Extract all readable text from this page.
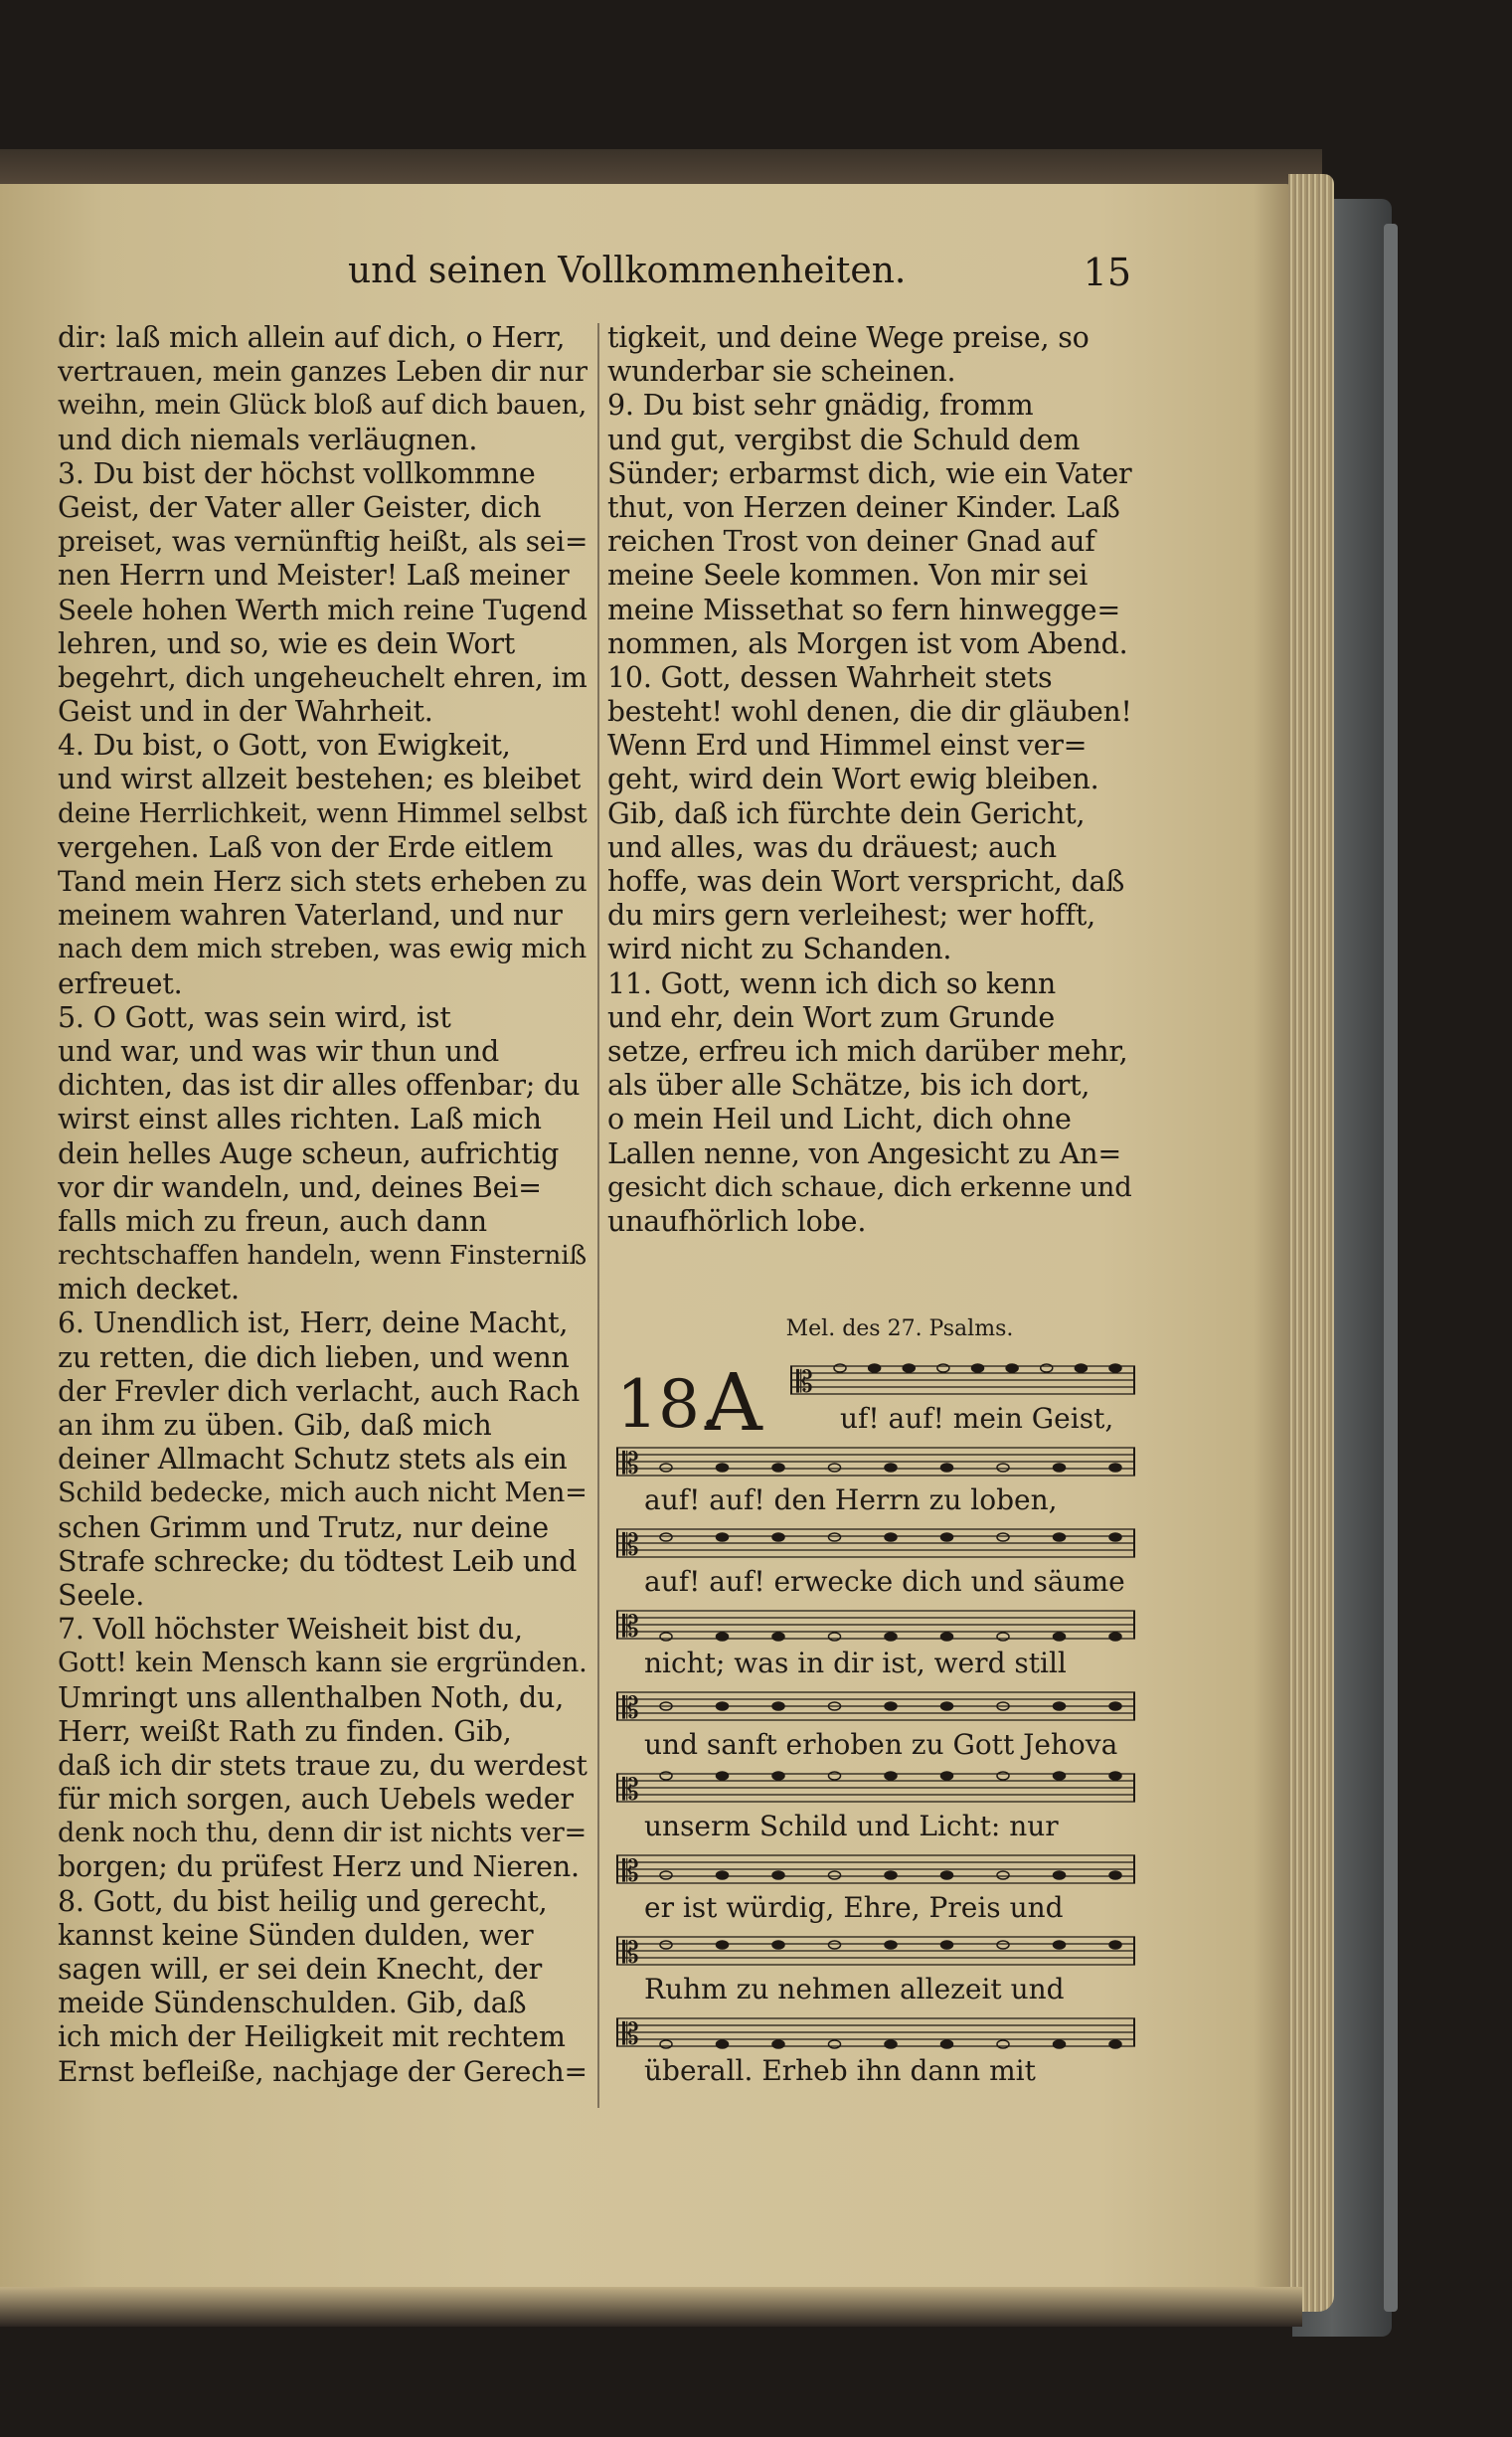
und seinen Vollkommenheiten.	15
dir: laß mich allein auf dich, o Herr,
vertrauen, mein ganzes Leben dir nur
weihn, mein Glück bloß auf dich bauen,
und dich niemals verläugnen.
3. Du bist der höchst vollkommne
Geist, der Vater aller Geister, dich
preiset, was vernünftig heißt, als sei=
nen Herrn und Meister! Laß meiner
Seele hohen Werth mich reine Tugend
lehren, und so, wie es dein Wort
begehrt, dich ungeheuchelt ehren, im
Geist und in der Wahrheit.
4. Du bist, o Gott, von Ewigkeit,
und wirst allzeit bestehen; es bleibet
deine Herrlichkeit, wenn Himmel selbst
vergehen. Laß von der Erde eitlem
Tand mein Herz sich stets erheben zu
meinem wahren Vaterland, und nur
nach dem mich streben, was ewig mich
erfreuet.
5. O Gott, was sein wird, ist
und war, und was wir thun und
dichten, das ist dir alles offenbar; du
wirst einst alles richten. Laß mich
dein helles Auge scheun, aufrichtig
vor dir wandeln, und, deines Bei=
falls mich zu freun, auch dann
rechtschaffen handeln, wenn Finsterniß
mich decket.
6. Unendlich ist, Herr, deine Macht,
zu retten, die dich lieben, und wenn
der Frevler dich verlacht, auch Rach
an ihm zu üben. Gib, daß mich
deiner Allmacht Schutz stets als ein
Schild bedecke, mich auch nicht Men=
schen Grimm und Trutz, nur deine
Strafe schrecke; du tödtest Leib und
Seele.
7. Voll höchster Weisheit bist du,
Gott! kein Mensch kann sie ergründen.
Umringt uns allenthalben Noth, du,
Herr, weißt Rath zu finden. Gib,
daß ich dir stets traue zu, du werdest
für mich sorgen, auch Uebels weder
denk noch thu, denn dir ist nichts ver=
borgen; du prüfest Herz und Nieren.
8. Gott, du bist heilig und gerecht,
kannst keine Sünden dulden, wer
sagen will, er sei dein Knecht, der
meide Sündenschulden. Gib, daß
ich mich der Heiligkeit mit rechtem
Ernst befleiße, nachjage der Gerech=
tigkeit, und deine Wege preise, so
wunderbar sie scheinen.
9. Du bist sehr gnädig, fromm
und gut, vergibst die Schuld dem
Sünder; erbarmst dich, wie ein Vater
thut, von Herzen deiner Kinder. Laß
reichen Trost von deiner Gnad auf
meine Seele kommen. Von mir sei
meine Missethat so fern hinwegge=
nommen, als Morgen ist vom Abend.
10. Gott, dessen Wahrheit stets
besteht! wohl denen, die dir gläuben!
Wenn Erd und Himmel einst ver=
geht, wird dein Wort ewig bleiben.
Gib, daß ich fürchte dein Gericht,
und alles, was du dräuest; auch
hoffe, was dein Wort verspricht, daß
du mirs gern verleihest; wer hofft,
wird nicht zu Schanden.
11. Gott, wenn ich dich so kenn
und ehr, dein Wort zum Grunde
setze, erfreu ich mich darüber mehr,
als über alle Schätze, bis ich dort,
o mein Heil und Licht, dich ohne
Lallen nenne, von Angesicht zu An=
gesicht dich schaue, dich erkenne und
unaufhörlich lobe.
Mel. des 27. Psalms.
18.
A	𝄡
uf! auf! mein Geist,
𝄡
auf! auf! den Herrn zu loben,
𝄡
auf! auf! erwecke dich und säume
𝄡
nicht; was in dir ist, werd still
𝄡
und sanft erhoben zu Gott Jehova
𝄡
unserm Schild und Licht: nur
𝄡
er ist würdig, Ehre, Preis und
𝄡
Ruhm zu nehmen allezeit und
𝄡
überall. Erheb ihn dann mit
